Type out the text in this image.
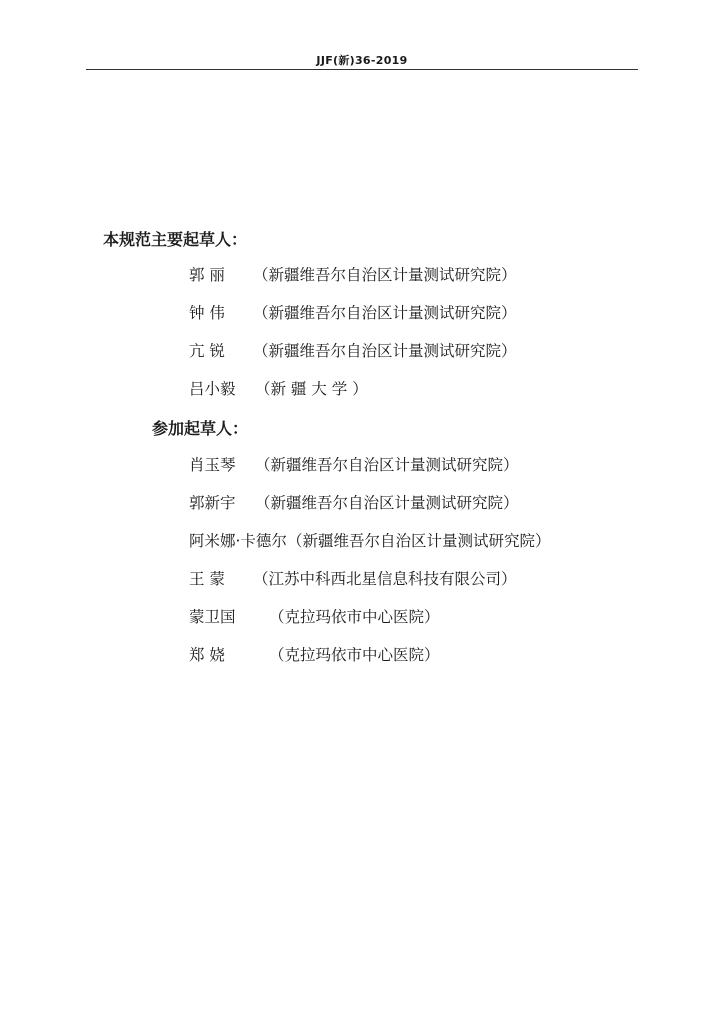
JJF(新)36-2019
本规范主要起草人：
郭 丽 （新疆维吾尔自治区计量测试研究院）
钟 伟 （新疆维吾尔自治区计量测试研究院）
亢 锐 （新疆维吾尔自治区计量测试研究院）
吕小毅 （新 疆 大 学 ）
参加起草人：
肖玉琴 （新疆维吾尔自治区计量测试研究院）
郭新宇 （新疆维吾尔自治区计量测试研究院）
阿米娜·卡德尔（新疆维吾尔自治区计量测试研究院）
王 蒙 （江苏中科西北星信息科技有限公司）
蒙卫国 （克拉玛依市中心医院）
郑 娆	（克拉玛依市中心医院）
